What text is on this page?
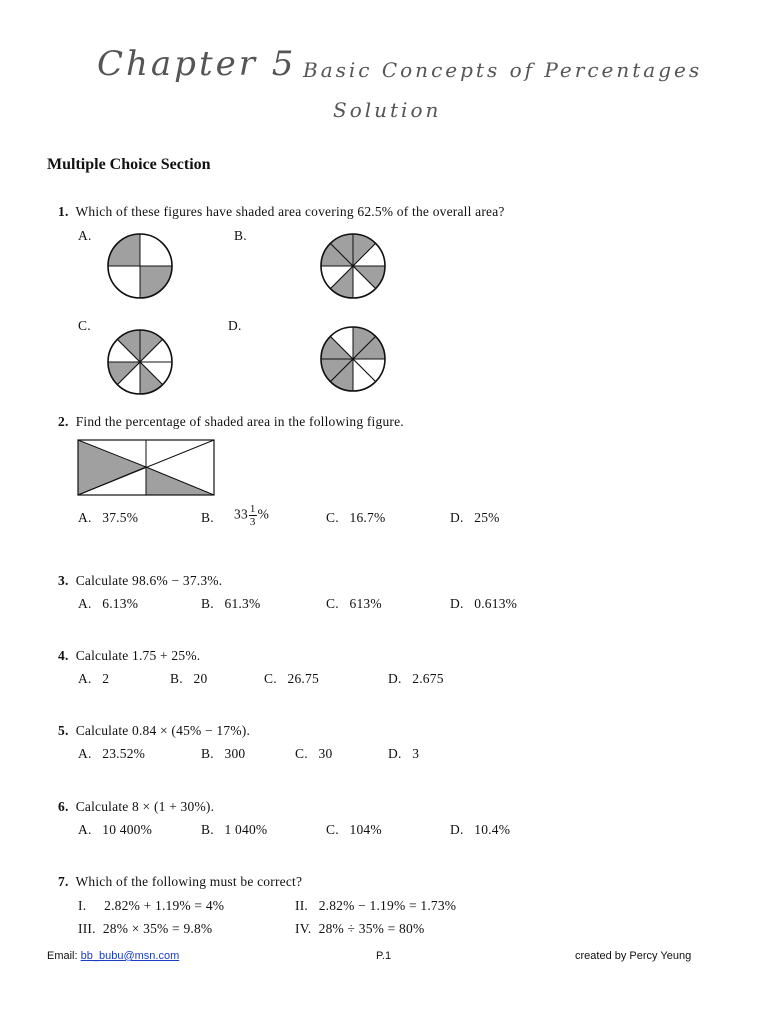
Chapter 5 Basic Concepts of Percentages
Solution
Multiple Choice Section
1. Which of these figures have shaded area covering 62.5% of the overall area?
A.	B.
C.	D.
2. Find the percentage of shaded area in the following figure.
A. 37.5%	B. $33 \frac{1}{3}$ %	C. 16.7%	D. 25%
3. Calculate 98.6% − 37.3%.
A. 6.13%	B. 61.3%	C. 613%	D. 0.613%
4. Calculate 1.75 + 25%.
A. 2	B. 20	C. 26.75	D. 2.675
5. Calculate 0.84 × (45% − 17%).
A. 23.52%	B. 300	C. 30	D. 3
6. Calculate 8 × (1 + 30%).
A. 10 400%	B. 1 040%	C. 104%	D. 10.4%
7. Which of the following must be correct?
I. 2.82% + 1.19% = 4%	II. 2.82% − 1.19% = 1.73%
III. 28% × 35% = 9.8%	IV. 28% ÷ 35% = 80%
Email: bb_bubu@msn.com	P.1	created by Percy Yeung
